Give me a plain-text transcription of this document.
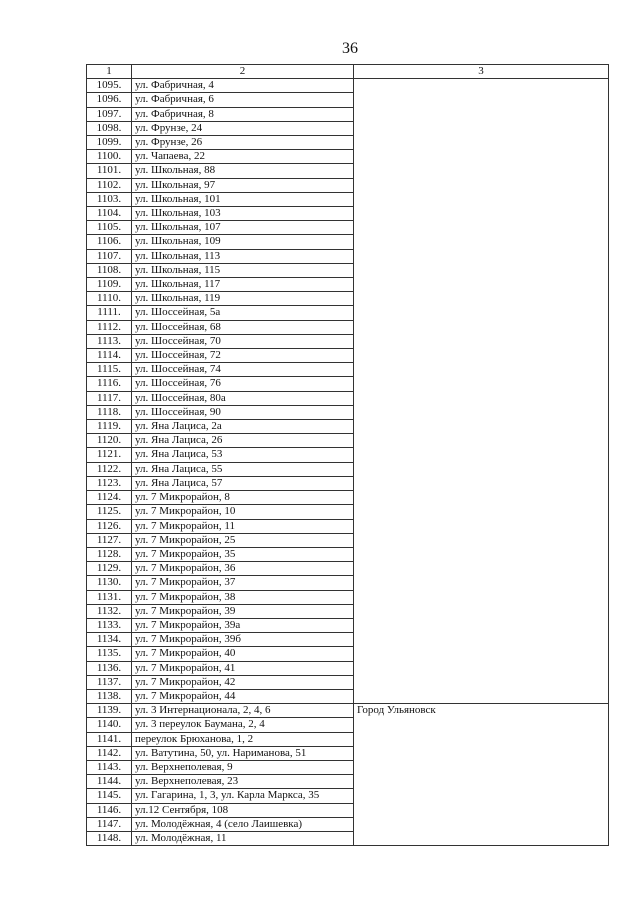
36
1	2	3
1095.	ул. Фабричная, 4	
1096.	ул. Фабричная, 6	
1097.	ул. Фабричная, 8	
1098.	ул. Фрунзе, 24	
1099.	ул. Фрунзе, 26	
1100.	ул. Чапаева, 22	
1101.	ул. Школьная, 88	
1102.	ул. Школьная, 97	
1103.	ул. Школьная, 101	
1104.	ул. Школьная, 103	
1105.	ул. Школьная, 107	
1106.	ул. Школьная, 109	
1107.	ул. Школьная, 113	
1108.	ул. Школьная, 115	
1109.	ул. Школьная, 117	
1110.	ул. Школьная, 119	
1111.	ул. Шоссейная, 5а	
1112.	ул. Шоссейная, 68	
1113.	ул. Шоссейная, 70	
1114.	ул. Шоссейная, 72	
1115.	ул. Шоссейная, 74	
1116.	ул. Шоссейная, 76	
1117.	ул. Шоссейная, 80а	
1118.	ул. Шоссейная, 90	
1119.	ул. Яна Лациса, 2а	
1120.	ул. Яна Лациса, 26	
1121.	ул. Яна Лациса, 53	
1122.	ул. Яна Лациса, 55	
1123.	ул. Яна Лациса, 57	
1124.	ул. 7 Микрорайон, 8	
1125.	ул. 7 Микрорайон, 10	
1126.	ул. 7 Микрорайон, 11	
1127.	ул. 7 Микрорайон, 25	
1128.	ул. 7 Микрорайон, 35	
1129.	ул. 7 Микрорайон, 36	
1130.	ул. 7 Микрорайон, 37	
1131.	ул. 7 Микрорайон, 38	
1132.	ул. 7 Микрорайон, 39	
1133.	ул. 7 Микрорайон, 39а	
1134.	ул. 7 Микрорайон, 39б	
1135.	ул. 7 Микрорайон, 40	
1136.	ул. 7 Микрорайон, 41	
1137.	ул. 7 Микрорайон, 42	
1138.	ул. 7 Микрорайон, 44	
1139.	ул. 3 Интернационала, 2, 4, 6	Город Ульяновск
1140.	ул. 3 переулок Баумана, 2, 4	
1141.	переулок Брюханова, 1, 2	
1142.	ул. Ватутина, 50, ул. Нариманова, 51	
1143.	ул. Верхнеполевая, 9	
1144.	ул. Верхнеполевая, 23	
1145.	ул. Гагарина, 1, 3, ул. Карла Маркса, 35	
1146.	ул.12 Сентября, 108	
1147.	ул. Молодёжная, 4 (село Лаишевка)	
1148.	ул. Молодёжная, 11	
